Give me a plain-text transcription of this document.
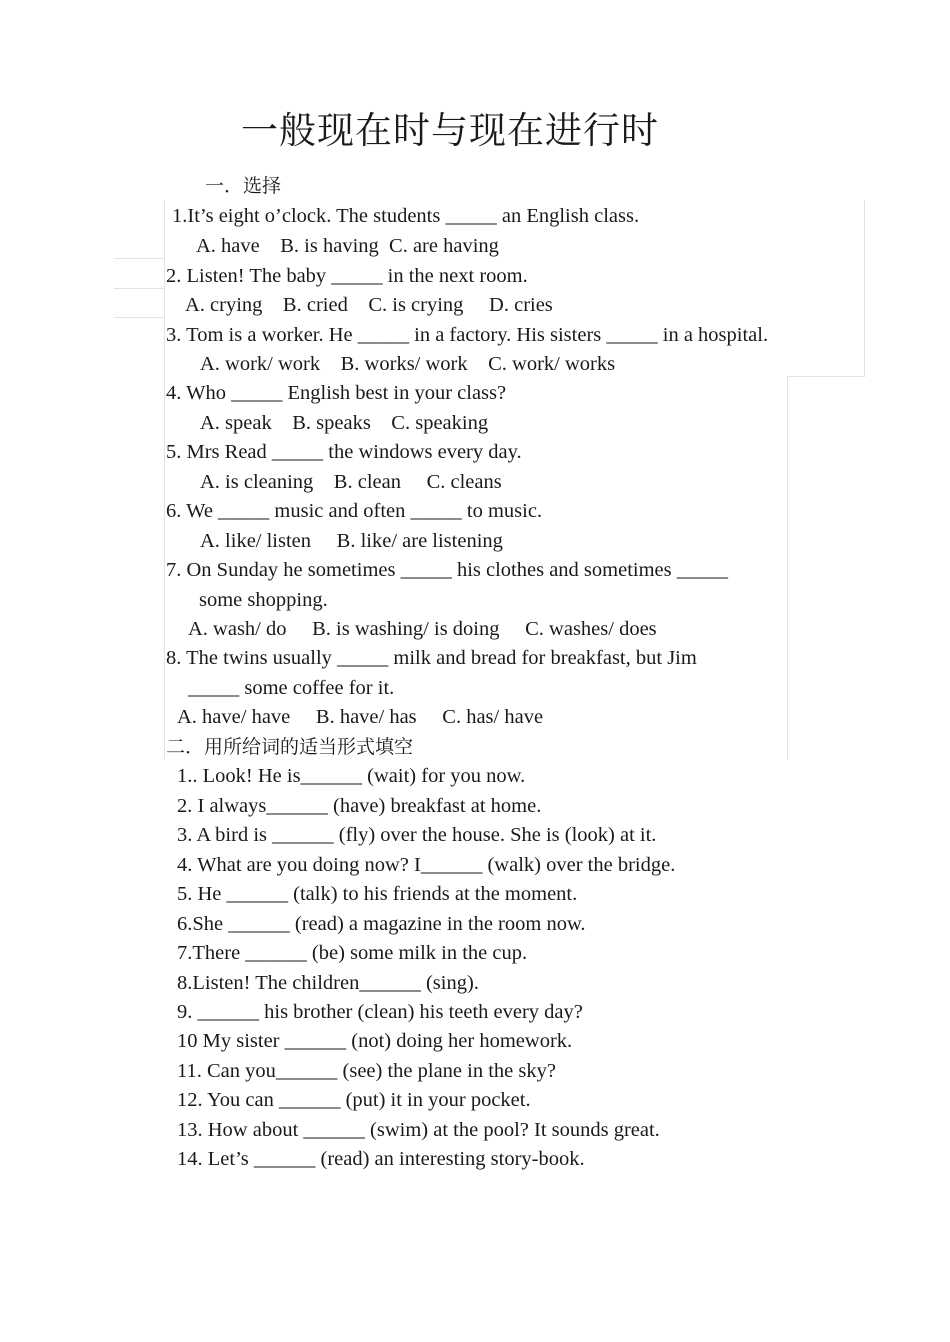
一般现在时与现在进行时
一．选择
1.It’s eight o’clock. The students _____ an English class.
A. have    B. is having  C. are having
2. Listen! The baby _____ in the next room.
A. crying    B. cried    C. is crying     D. cries
3. Tom is a worker. He _____ in a factory. His sisters _____ in a hospital.
A. work/ work    B. works/ work    C. work/ works
4. Who _____ English best in your class?
A. speak    B. speaks    C. speaking
5. Mrs Read _____ the windows every day.
A. is cleaning    B. clean     C. cleans
6. We _____ music and often _____ to music.
A. like/ listen     B. like/ are listening
7. On Sunday he sometimes _____ his clothes and sometimes _____
some shopping.
A. wash/ do     B. is washing/ is doing     C. washes/ does
8. The twins usually _____ milk and bread for breakfast, but Jim
_____ some coffee for it.
A. have/ have     B. have/ has     C. has/ have
二．用所给词的适当形式填空
1.. Look! He is______ (wait) for you now.
2. I always______ (have) breakfast at home.
3. A bird is ______ (fly) over the house. She is (look) at it.
4. What are you doing now? I______ (walk) over the bridge.
5. He ______ (talk) to his friends at the moment.
6.She ______ (read) a magazine in the room now.
7.There ______ (be) some milk in the cup.
8.Listen! The children______ (sing).
9. ______ his brother (clean) his teeth every day?
10 My sister ______ (not) doing her homework.
11. Can you______ (see) the plane in the sky?
12. You can ______ (put) it in your pocket.
13. How about ______ (swim) at the pool? It sounds great.
14. Let’s ______ (read) an interesting story-book.
